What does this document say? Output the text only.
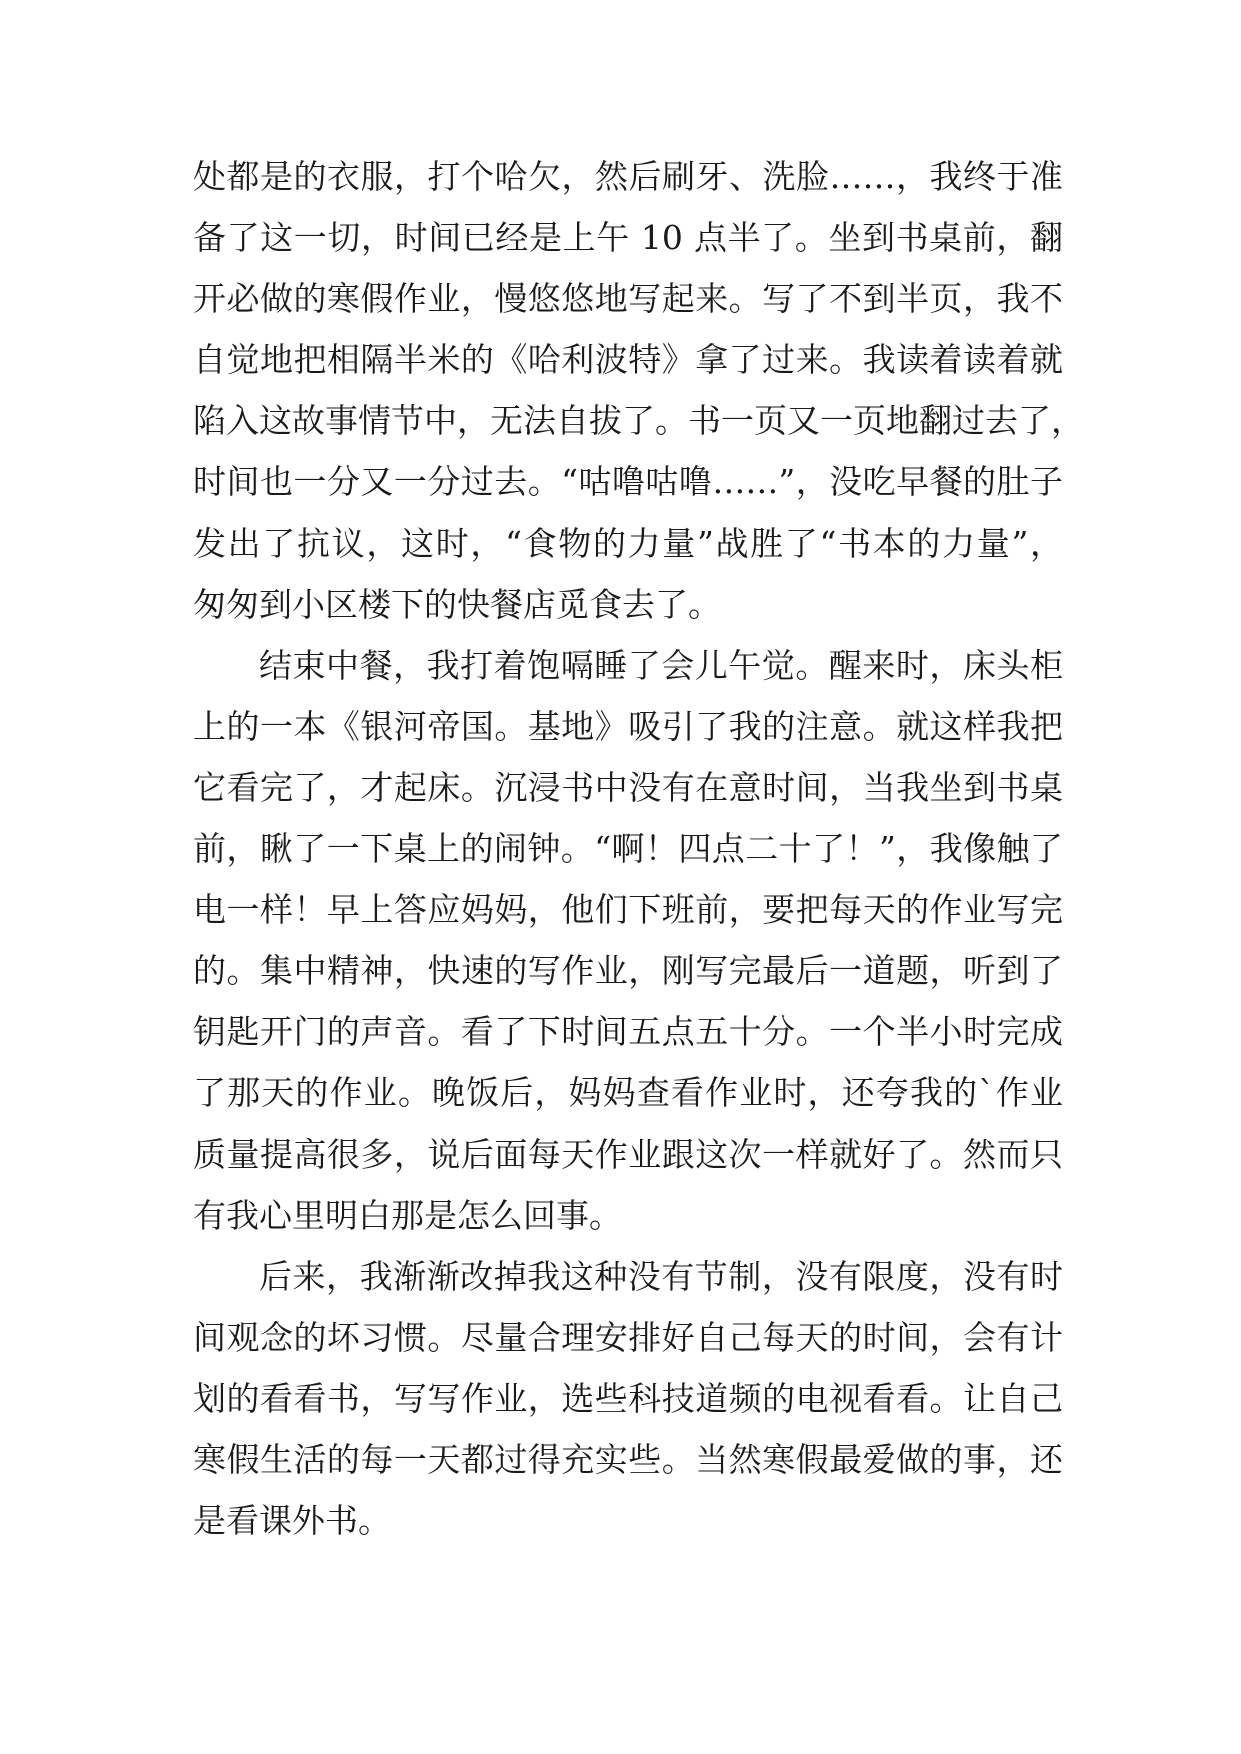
处都是的衣服，打个哈欠，然后刷牙、洗脸……，我终于准
备了这一切，时间已经是上午 10 点半了。坐到书桌前，翻
开必做的寒假作业，慢悠悠地写起来。写了不到半页，我不
自觉地把相隔半米的《哈利波特》拿了过来。我读着读着就
陷入这故事情节中，无法自拔了。书一页又一页地翻过去了，
时间也一分又一分过去。“咕噜咕噜……”，没吃早餐的肚子
发出了抗议，这时，“食物的力量”战胜了“书本的力量”，
匆匆到小区楼下的快餐店觅食去了。
结束中餐，我打着饱嗝睡了会儿午觉。醒来时，床头柜
上的一本《银河帝国。基地》吸引了我的注意。就这样我把
它看完了，才起床。沉浸书中没有在意时间，当我坐到书桌
前，瞅了一下桌上的闹钟。“啊！四点二十了！”，我像触了
电一样！早上答应妈妈，他们下班前，要把每天的作业写完
的。集中精神，快速的写作业，刚写完最后一道题，听到了
钥匙开门的声音。看了下时间五点五十分。一个半小时完成
了那天的作业。晚饭后，妈妈查看作业时，还夸我的`作业
质量提高很多，说后面每天作业跟这次一样就好了。然而只
有我心里明白那是怎么回事。
后来，我渐渐改掉我这种没有节制，没有限度，没有时
间观念的坏习惯。尽量合理安排好自己每天的时间，会有计
划的看看书，写写作业，选些科技道频的电视看看。让自己
寒假生活的每一天都过得充实些。当然寒假最爱做的事，还
是看课外书。
